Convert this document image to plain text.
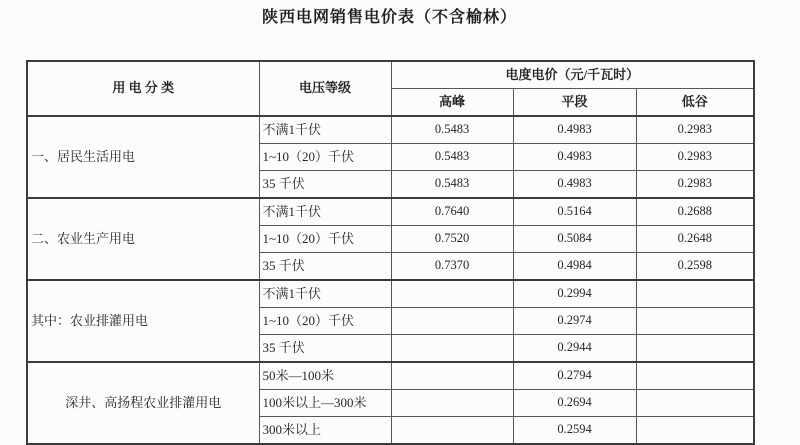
陕西电网销售电价表（不含榆林）
用 电 分 类	电压等级	电度电价（元/千瓦时）		
		高峰	平段	低谷
一、居民生活用电	不满1千伏	0.5483	0.4983	0.2983
	1~10（20）千伏	0.5483	0.4983	0.2983
	35 千伏	0.5483	0.4983	0.2983
二、农业生产用电	不满1千伏	0.7640	0.5164	0.2688
	1~10（20）千伏	0.7520	0.5084	0.2648
	35 千伏	0.7370	0.4984	0.2598
其中：农业排灌用电	不满1千伏		0.2994	
	1~10（20）千伏		0.2974	
	35 千伏		0.2944	
深井、高扬程农业排灌用电	50米—100米		0.2794	
	100米以上—300米		0.2694	
	300米以上		0.2594	
